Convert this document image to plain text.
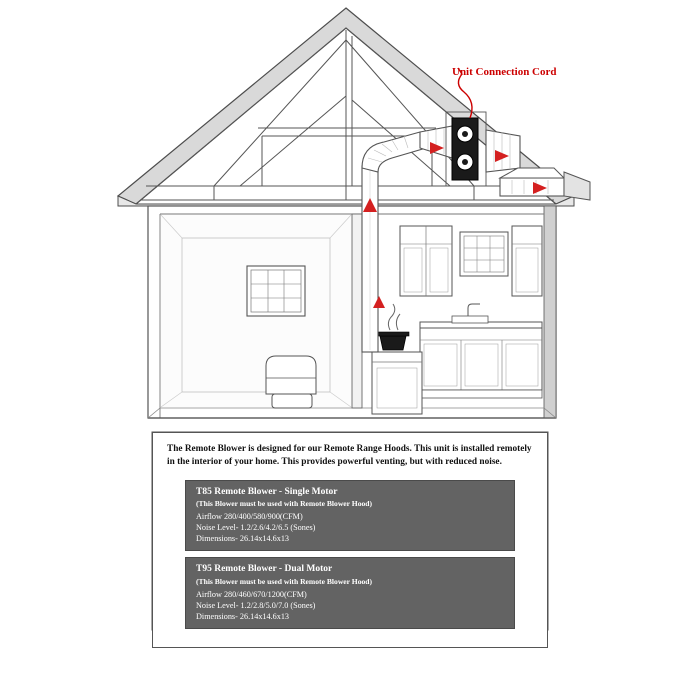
Unit Connection Cord

The Remote Blower is designed for our Remote Range Hoods. This unit is installed remotely in the interior of your home. This provides powerful venting, but with reduced noise.

T85 Remote Blower - Single Motor

(This Blower must be used with Remote Blower Hood)

Airflow 280/400/580/900(CFM)

Noise Level- 1.2/2.6/4.2/6.5 (Sones)

Dimensions- 26.14x14.6x13

T95 Remote Blower - Dual Motor

(This Blower must be used with Remote Blower Hood)

Airflow 280/460/670/1200(CFM)

Noise Level- 1.2/2.8/5.0/7.0 (Sones)

Dimensions- 26.14x14.6x13
